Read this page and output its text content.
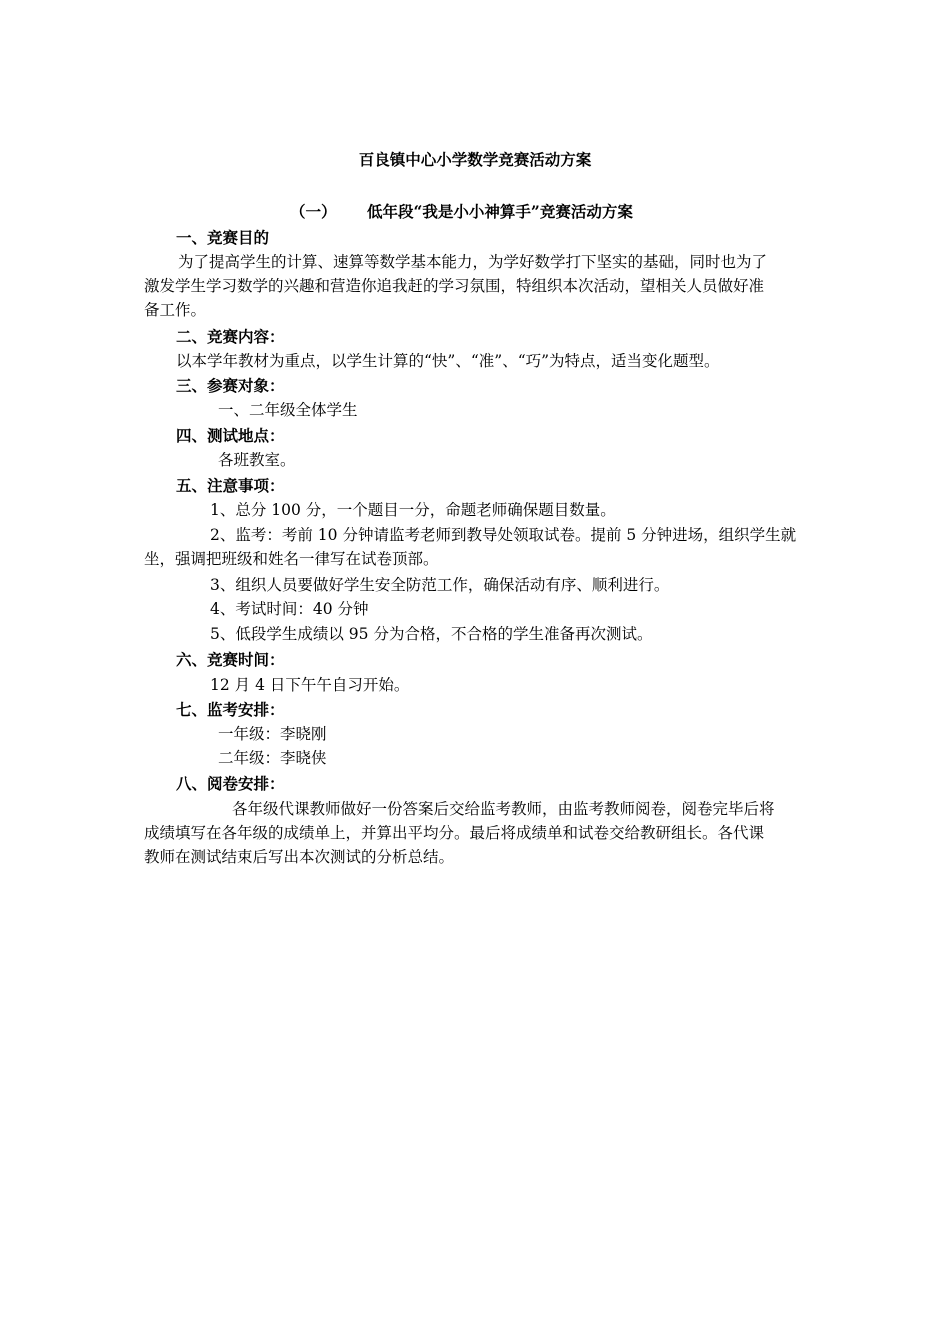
百良镇中心小学数学竞赛活动方案
（一） 低年段“我是小小神算手”竞赛活动方案
一、竞赛目的
为了提高学生的计算、速算等数学基本能力，为学好数学打下坚实的基础，同时也为了
激发学生学习数学的兴趣和营造你追我赶的学习氛围，特组织本次活动，望相关人员做好准
备工作。
二、竞赛内容：
以本学年教材为重点，以学生计算的“快”、“准”、“巧”为特点，适当变化题型。
三、参赛对象：
一、二年级全体学生
四、测试地点：
各班教室。
五、注意事项：
1、总分 100 分，一个题目一分，命题老师确保题目数量。
2、监考：考前 10 分钟请监考老师到教导处领取试卷。提前 5 分钟进场，组织学生就
坐，强调把班级和姓名一律写在试卷顶部。
3、组织人员要做好学生安全防范工作，确保活动有序、顺利进行。
4、考试时间：40 分钟
5、低段学生成绩以 95 分为合格，不合格的学生准备再次测试。
六、竞赛时间：
12 月 4 日下午午自习开始。
七、监考安排：
一年级：李晓刚
二年级：李晓侠
八、阅卷安排：
各年级代课教师做好一份答案后交给监考教师，由监考教师阅卷，阅卷完毕后将
成绩填写在各年级的成绩单上，并算出平均分。最后将成绩单和试卷交给教研组长。各代课
教师在测试结束后写出本次测试的分析总结。
